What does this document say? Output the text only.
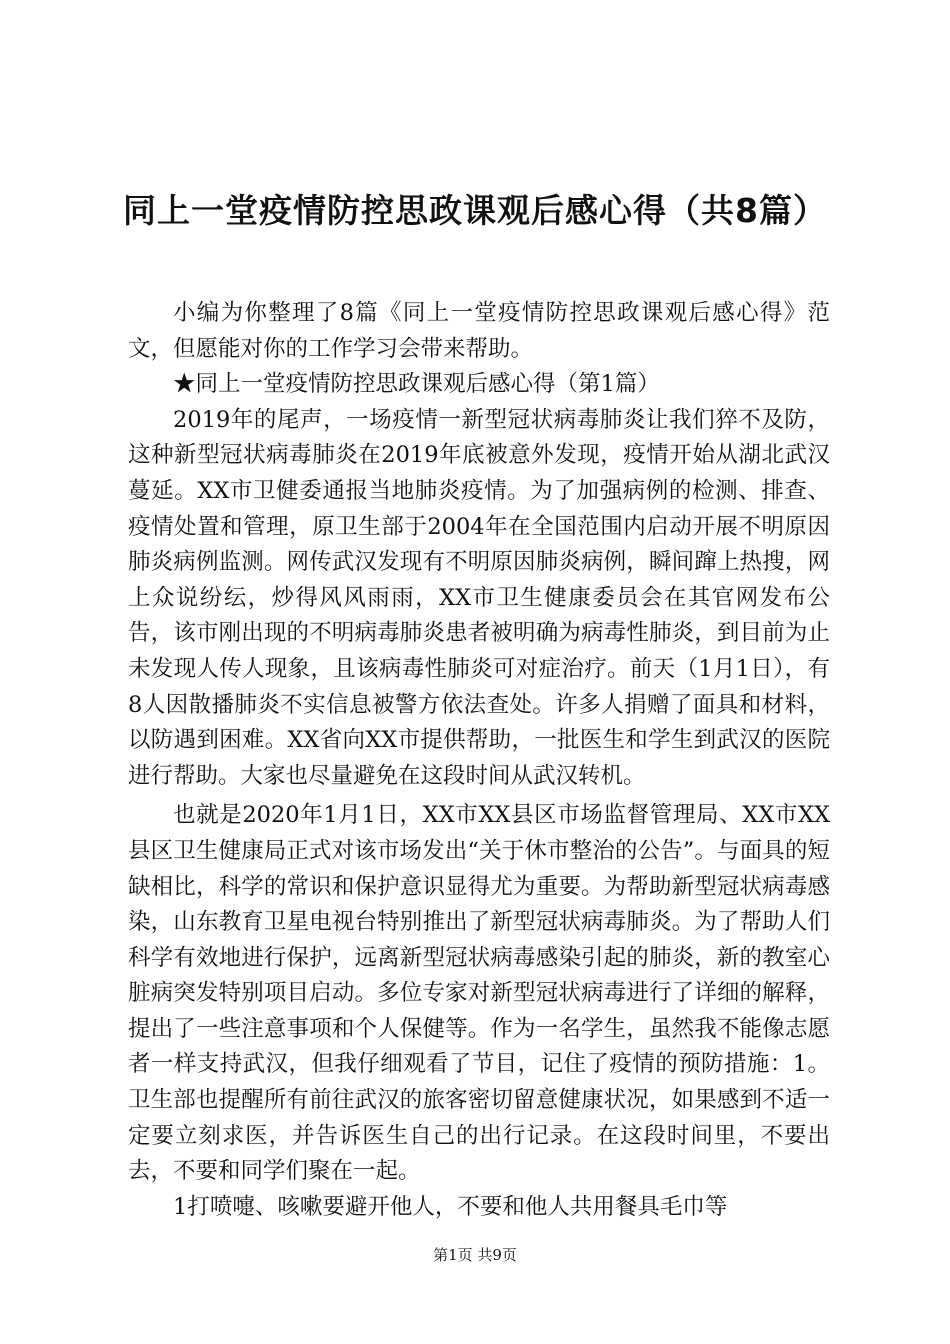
同上一堂疫情防控思政课观后感心得（共8篇）

小编为你整理了8篇《同上一堂疫情防控思政课观后感心得》范文，但愿能对你的工作学习会带来帮助。

★同上一堂疫情防控思政课观后感心得（第1篇）

2019年的尾声，一场疫情一新型冠状病毒肺炎让我们猝不及防，这种新型冠状病毒肺炎在2019年底被意外发现，疫情开始从湖北武汉蔓延。XX市卫健委通报当地肺炎疫情。为了加强病例的检测、排查、疫情处置和管理，原卫生部于2004年在全国范围内启动开展不明原因肺炎病例监测。网传武汉发现有不明原因肺炎病例，瞬间蹿上热搜，网上众说纷纭，炒得风风雨雨，XX市卫生健康委员会在其官网发布公告，该市刚出现的不明病毒肺炎患者被明确为病毒性肺炎，到目前为止未发现人传人现象，且该病毒性肺炎可对症治疗。前天（1月1日），有8人因散播肺炎不实信息被警方依法查处。许多人捐赠了面具和材料，以防遇到困难。XX省向XX市提供帮助，一批医生和学生到武汉的医院进行帮助。大家也尽量避免在这段时间从武汉转机。

也就是2020年1月1日，XX市XX县区市场监督管理局、XX市XX县区卫生健康局正式对该市场发出“关于休市整治的公告”。与面具的短缺相比，科学的常识和保护意识显得尤为重要。为帮助新型冠状病毒感染，山东教育卫星电视台特别推出了新型冠状病毒肺炎。为了帮助人们科学有效地进行保护，远离新型冠状病毒感染引起的肺炎，新的教室心脏病突发特别项目启动。多位专家对新型冠状病毒进行了详细的解释，提出了一些注意事项和个人保健等。作为一名学生，虽然我不能像志愿者一样支持武汉，但我仔细观看了节目，记住了疫情的预防措施：1。卫生部也提醒所有前往武汉的旅客密切留意健康状况，如果感到不适一定要立刻求医，并告诉医生自己的出行记录。在这段时间里，不要出去，不要和同学们聚在一起。

1打喷嚏、咳嗽要避开他人，不要和他人共用餐具毛巾等

第1页 共9页
